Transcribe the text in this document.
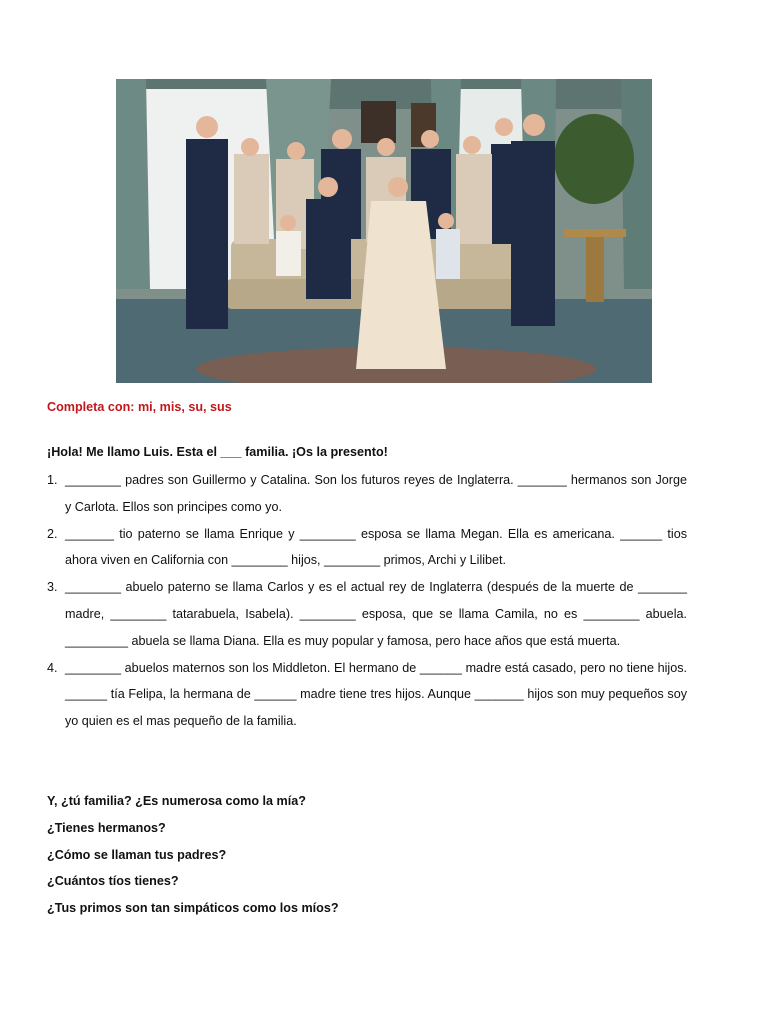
Completa con: mi, mis, su, sus
¡Hola! Me llamo Luis. Esta el ___ familia. ¡Os la presento!
1. ________ padres son Guillermo y Catalina. Son los futuros reyes de Inglaterra. _______ hermanos son Jorge y Carlota. Ellos son principes como yo.
2. _______ tio paterno se llama Enrique y ________ esposa se llama Megan. Ella es americana. ______ tios ahora viven en California con ________ hijos, ________ primos, Archi y Lilibet.
3. ________ abuelo paterno se llama Carlos y es el actual rey de Inglaterra (después de la muerte de _______ madre, ________ tatarabuela, Isabela). ________ esposa, que se llama Camila, no es ________ abuela. _________ abuela se llama Diana. Ella es muy popular y famosa, pero hace años que está muerta.
4. ________ abuelos maternos son los Middleton. El hermano de ______ madre está casado, pero no tiene hijos. ______ tía Felipa, la hermana de ______ madre tiene tres hijos. Aunque _______ hijos son muy pequeños soy yo quien es el mas pequeño de la familia.
Y, ¿tú familia? ¿Es numerosa como la mía?
¿Tienes hermanos?
¿Cómo se llaman tus padres?
¿Cuántos tíos tienes?
¿Tus primos son tan simpáticos como los míos?
